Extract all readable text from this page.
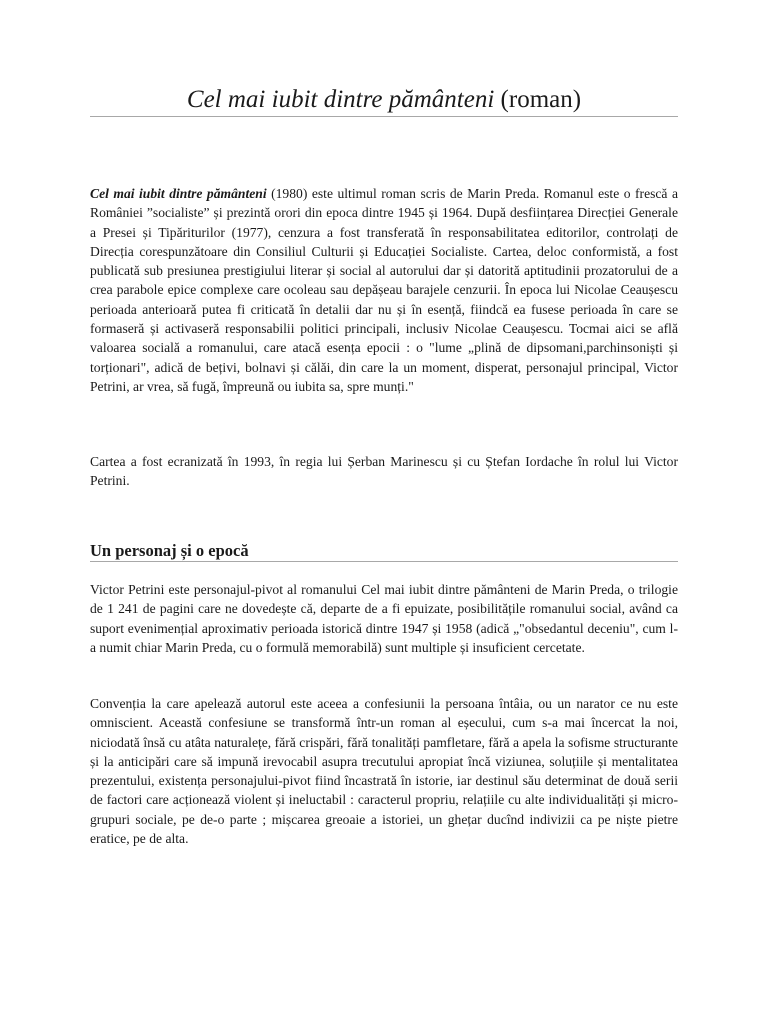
Cel mai iubit dintre pământeni (roman)

Cel mai iubit dintre pământeni (1980) este ultimul roman scris de Marin Preda. Romanul este o frescă a României ”socialiste” și prezintă orori din epoca dintre 1945 și 1964. După desființarea Direcției Generale a Presei și Tipăriturilor (1977), cenzura a fost transferată în responsabilitatea editorilor, controlați de Direcția corespunzătoare din Consiliul Culturii și Educației Socialiste. Cartea, deloc conformistă, a fost publicată sub presiunea prestigiului literar și social al autorului dar și datorită aptitudinii prozatorului de a crea parabole epice complexe care ocoleau sau depășeau barajele cenzurii. În epoca lui Nicolae Ceaușescu perioada anterioară putea fi criticată în detalii dar nu și în esență, fiindcă ea fusese perioada în care se formaseră și activaseră responsabilii politici principali, inclusiv Nicolae Ceaușescu. Tocmai aici se află valoarea socială a romanului, care atacă esența epocii : o "lume „plină de dipsomani,parchinsoniști și torționari", adică de bețivi, bolnavi și călăi, din care la un moment, disperat, personajul principal, Victor Petrini, ar vrea, să fugă, împreună ou iubita sa, spre munți."

Cartea a fost ecranizată în 1993, în regia lui Șerban Marinescu și cu Ștefan Iordache în rolul lui Victor Petrini.

Un personaj și o epocă

Victor Petrini este personajul-pivot al romanului Cel mai iubit dintre pământeni de Marin Preda, o trilogie de 1 241 de pagini care ne dovedește că, departe de a fi epuizate, posibilitățile romanului social, având ca suport evenimențial aproximativ perioada istorică dintre 1947 și 1958 (adică „"obsedantul deceniu", cum l-a numit chiar Marin Preda, cu o formulă memorabilă) sunt multiple și insuficient cercetate.

Convenția la care apelează autorul este aceea a confesiunii la persoana întâia, ou un narator ce nu este omniscient. Această confesiune se transformă într-un roman al eșecului, cum s-a mai încercat la noi, niciodată însă cu atâta naturalețe, fără crispări, fără tonalități pamfletare, fără a apela la sofisme structurante și la anticipări care să impună irevocabil asupra trecutului apropiat încă viziunea, soluțiile și mentalitatea prezentului, existența personajului-pivot fiind încastrată în istorie, iar destinul său determinat de două serii de factori care acționează violent și ineluctabil : caracterul propriu, relațiile cu alte individualități și micro-grupuri sociale, pe de-o parte ; mișcarea greoaie a istoriei, un ghețar ducînd indivizii ca pe niște pietre eratice, pe de alta.
